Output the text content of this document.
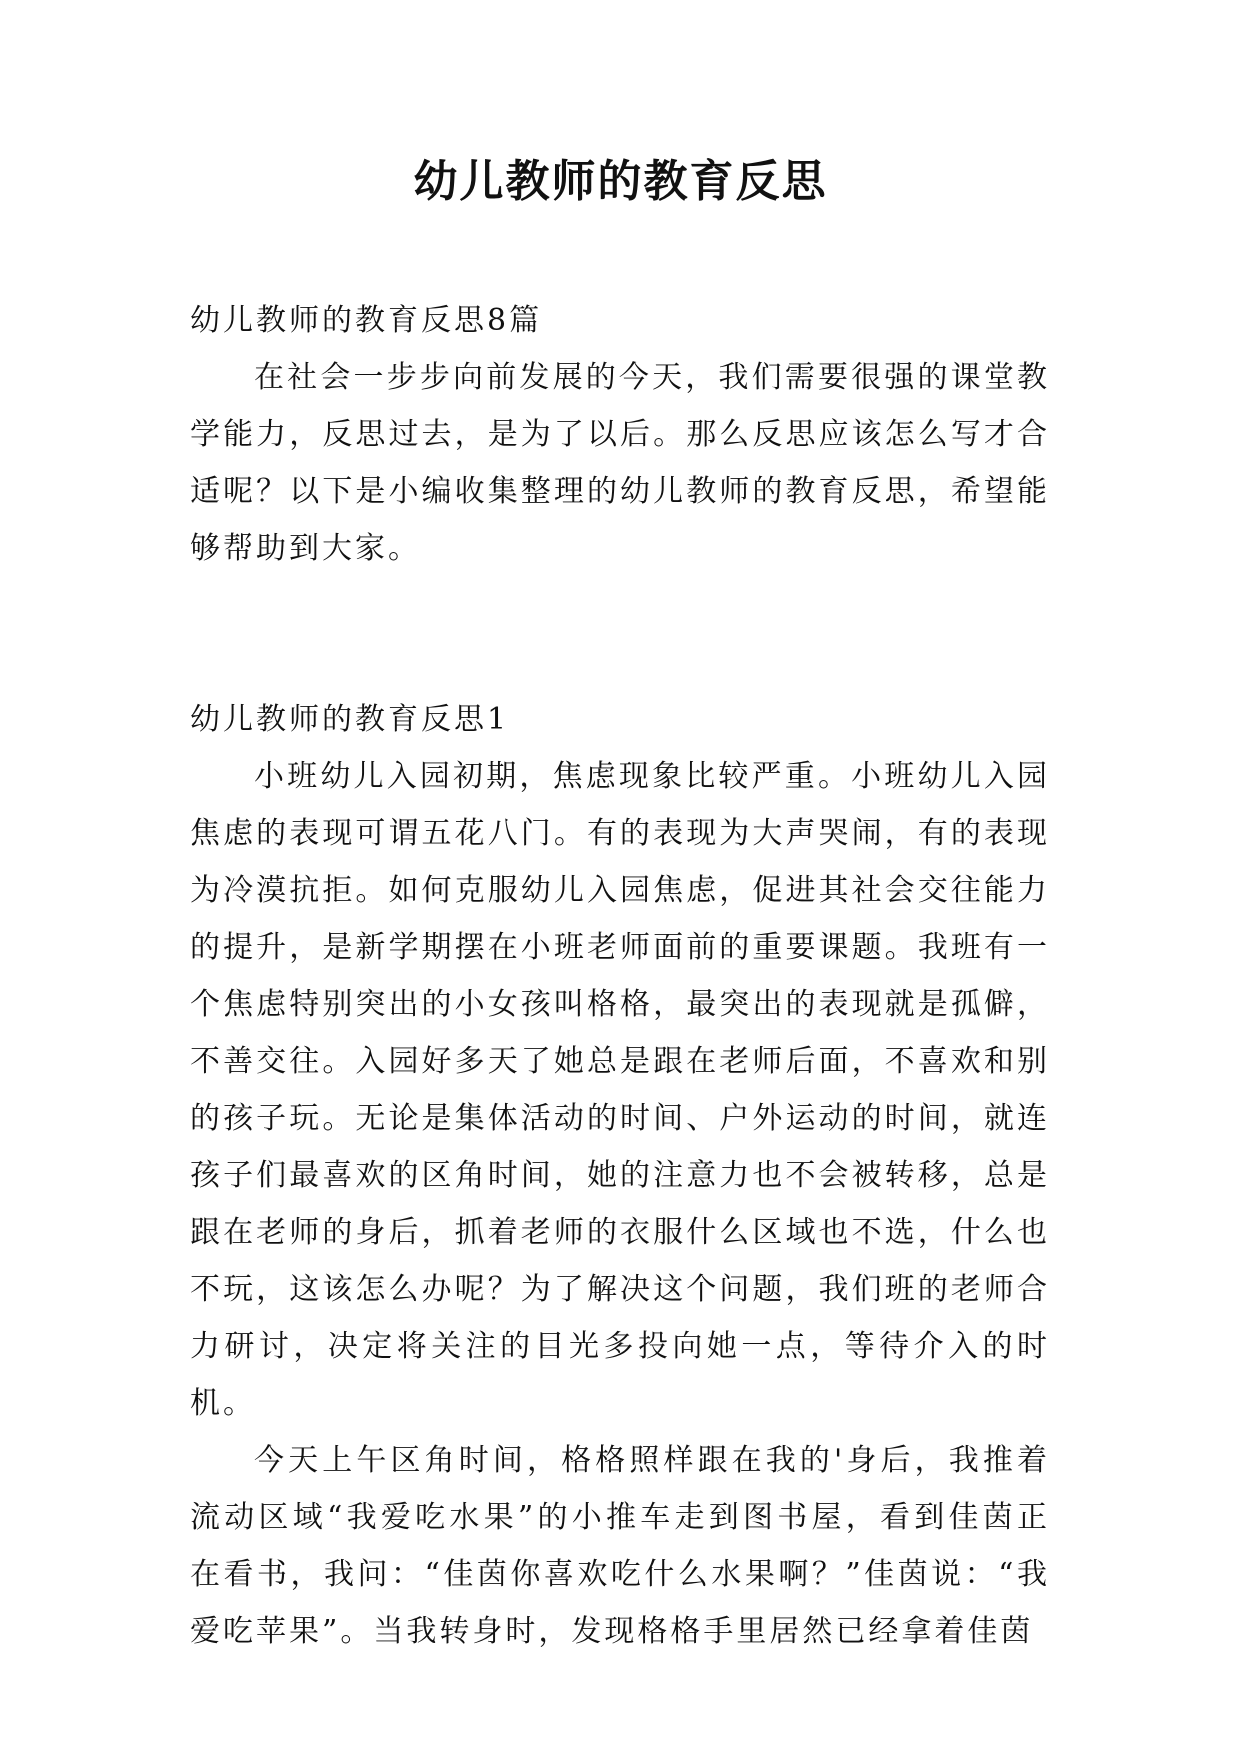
幼儿教师的教育反思

幼儿教师的教育反思8篇

在社会一步步向前发展的今天，我们需要很强的课堂教学能力，反思过去，是为了以后。那么反思应该怎么写才合适呢？以下是小编收集整理的幼儿教师的教育反思，希望能够帮助到大家。

幼儿教师的教育反思1

小班幼儿入园初期，焦虑现象比较严重。小班幼儿入园焦虑的表现可谓五花八门。有的表现为大声哭闹，有的表现为冷漠抗拒。如何克服幼儿入园焦虑，促进其社会交往能力的提升，是新学期摆在小班老师面前的重要课题。我班有一个焦虑特别突出的小女孩叫格格，最突出的表现就是孤僻，不善交往。入园好多天了她总是跟在老师后面，不喜欢和别的孩子玩。无论是集体活动的时间、户外运动的时间，就连孩子们最喜欢的区角时间，她的注意力也不会被转移，总是跟在老师的身后，抓着老师的衣服什么区域也不选，什么也不玩，这该怎么办呢？为了解决这个问题，我们班的老师合力研讨，决定将关注的目光多投向她一点，等待介入的时机。

今天上午区角时间，格格照样跟在我的'身后，我推着流动区域“我爱吃水果”的小推车走到图书屋，看到佳茵正在看书，我问：“佳茵你喜欢吃什么水果啊？”佳茵说：“我爱吃苹果”。当我转身时，发现格格手里居然已经拿着佳茵
